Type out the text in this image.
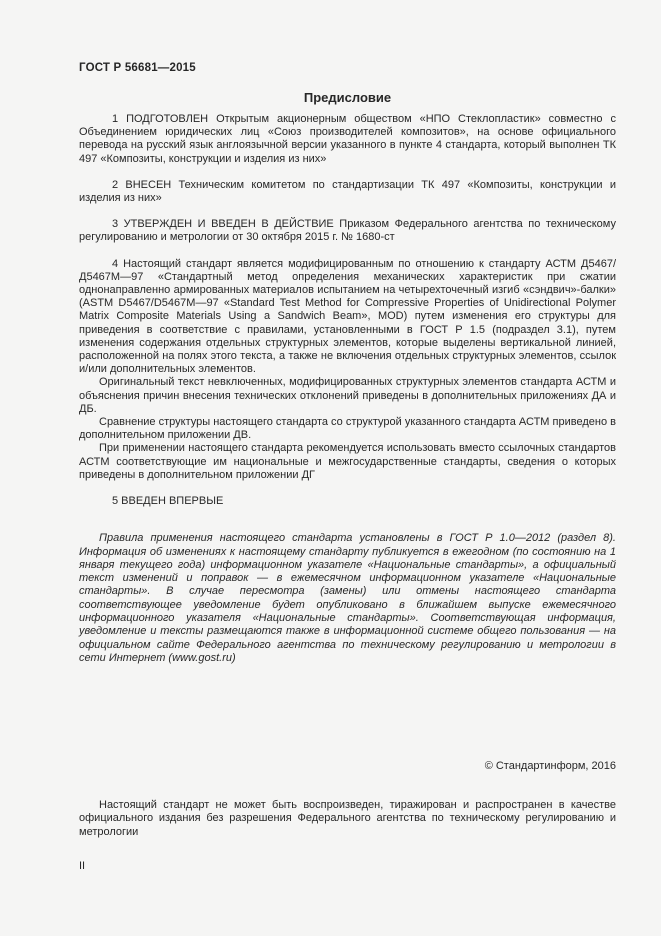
ГОСТ Р 56681—2015
Предисловие

1 ПОДГОТОВЛЕН Открытым акционерным обществом «НПО Стеклопластик» совместно с Объединением юридических лиц «Союз производителей композитов», на основе официального перевода на русский язык англоязычной версии указанного в пункте 4 стандарта, который выполнен ТК 497 «Композиты, конструкции и изделия из них»

2 ВНЕСЕН Техническим комитетом по стандартизации ТК 497 «Композиты, конструкции и изделия из них»

3 УТВЕРЖДЕН И ВВЕДЕН В ДЕЙСТВИЕ Приказом Федерального агентства по техническому регулированию и метрологии от 30 октября 2015 г. № 1680-ст

4 Настоящий стандарт является модифицированным по отношению к стандарту АСТМ Д5467/Д5467М—97 «Стандартный метод определения механических характеристик при сжатии однонаправленно армированных материалов испытанием на четырехточечный изгиб «сэндвич»-балки» (ASTM D5467/D5467M—97 «Standard Test Method for Compressive Properties of Unidirectional Polymer Matrix Composite Materials Using a Sandwich Beam», MOD) путем изменения его структуры для приведения в соответствие с правилами, установленными в ГОСТ Р 1.5 (подраздел 3.1), путем изменения содержания отдельных структурных элементов, которые выделены вертикальной линией, расположенной на полях этого текста, а также не включения отдельных структурных элементов, ссылок и/или дополнительных элементов.

Оригинальный текст невключенных, модифицированных структурных элементов стандарта АСТМ и объяснения причин внесения технических отклонений приведены в дополнительных приложениях ДА и ДБ.

Сравнение структуры настоящего стандарта со структурой указанного стандарта АСТМ приведено в дополнительном приложении ДВ.

При применении настоящего стандарта рекомендуется использовать вместо ссылочных стандартов АСТМ соответствующие им национальные и межгосударственные стандарты, сведения о которых приведены в дополнительном приложении ДГ

5 ВВЕДЕН ВПЕРВЫЕ

Правила применения настоящего стандарта установлены в ГОСТ Р 1.0—2012 (раздел 8). Информация об изменениях к настоящему стандарту публикуется в ежегодном (по состоянию на 1 января текущего года) информационном указателе «Национальные стандарты», а официальный текст изменений и поправок — в ежемесячном информационном указателе «Национальные стандарты». В случае пересмотра (замены) или отмены настоящего стандарта соответствующее уведомление будет опубликовано в ближайшем выпуске ежемесячного информационного указателя «Национальные стандарты». Соответствующая информация, уведомление и тексты размещаются также в информационной системе общего пользования — на официальном сайте Федерального агентства по техническому регулированию и метрологии в сети Интернет (www.gost.ru)

© Стандартинформ, 2016

Настоящий стандарт не может быть воспроизведен, тиражирован и распространен в качестве официального издания без разрешения Федерального агентства по техническому регулированию и метрологии

II
